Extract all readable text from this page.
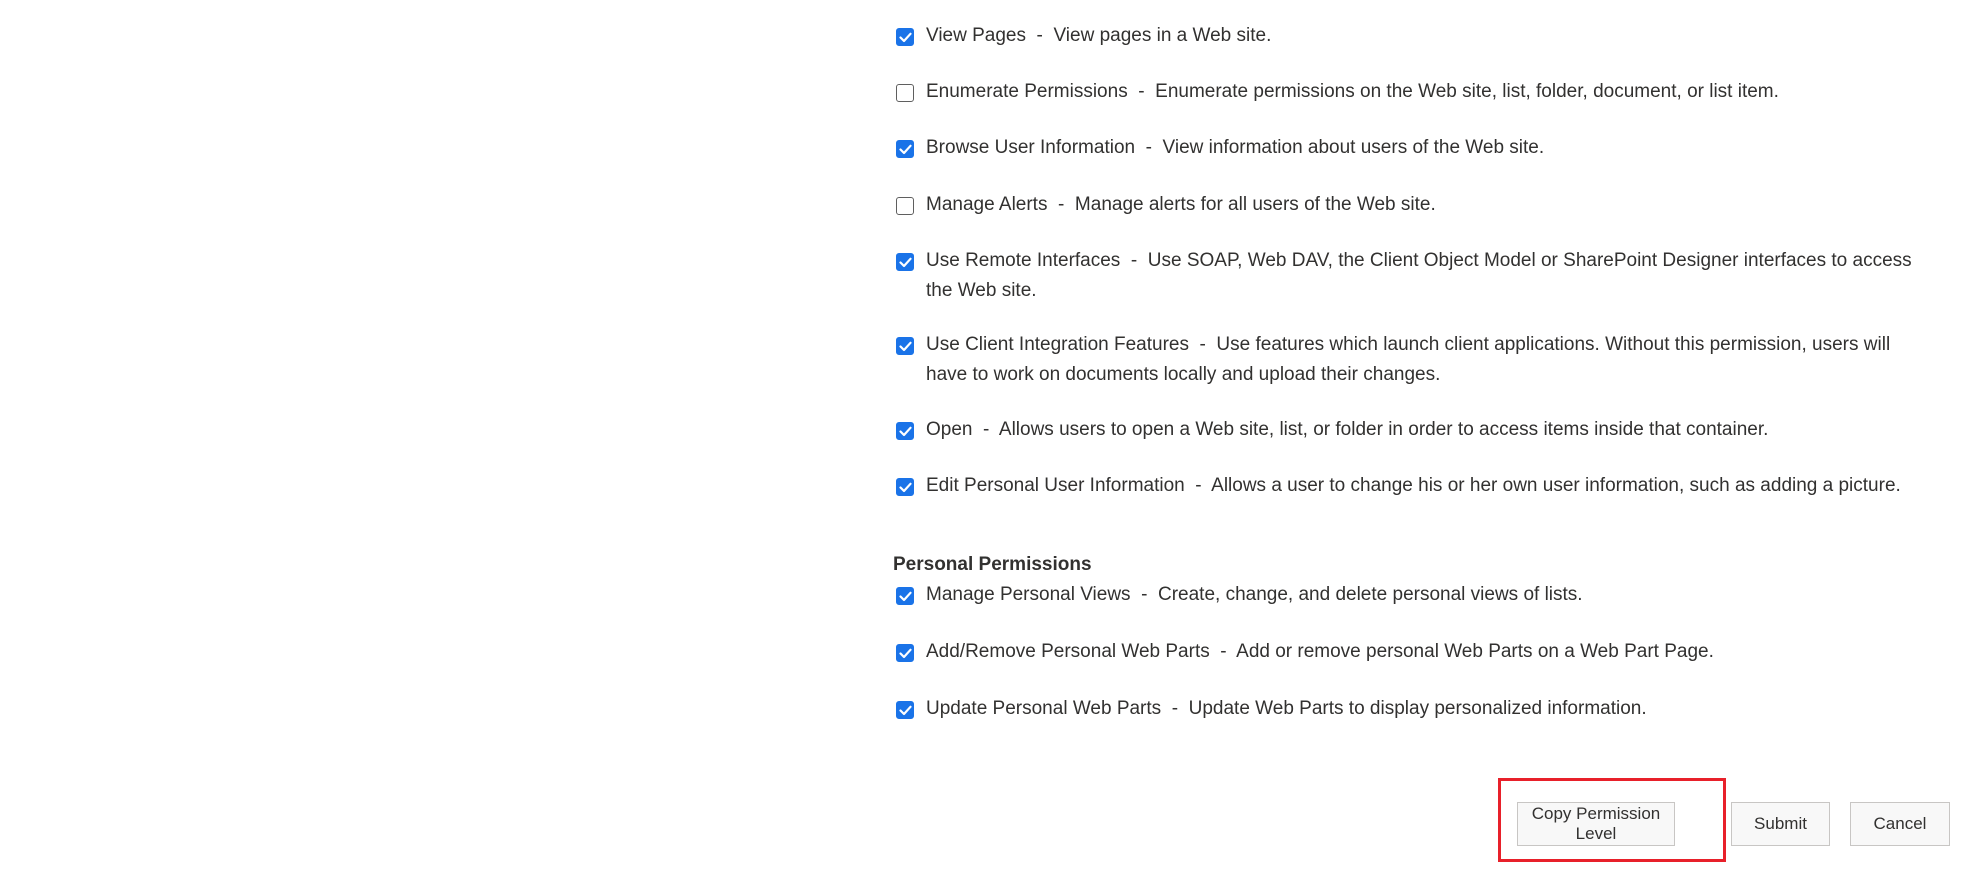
View Pages  -  View pages in a Web site.
Enumerate Permissions  -  Enumerate permissions on the Web site, list, folder, document, or list item.
Browse User Information  -  View information about users of the Web site.
Manage Alerts  -  Manage alerts for all users of the Web site.
Use Remote Interfaces  -  Use SOAP, Web DAV, the Client Object Model or SharePoint Designer interfaces to access the Web site.
Use Client Integration Features  -  Use features which launch client applications. Without this permission, users will have to work on documents locally and upload their changes.
Open  -  Allows users to open a Web site, list, or folder in order to access items inside that container.
Edit Personal User Information  -  Allows a user to change his or her own user information, such as adding a picture.
Personal Permissions
Manage Personal Views  -  Create, change, and delete personal views of lists.
Add/Remove Personal Web Parts  -  Add or remove personal Web Parts on a Web Part Page.
Update Personal Web Parts  -  Update Web Parts to display personalized information.
Copy Permission Level
Submit	Cancel
